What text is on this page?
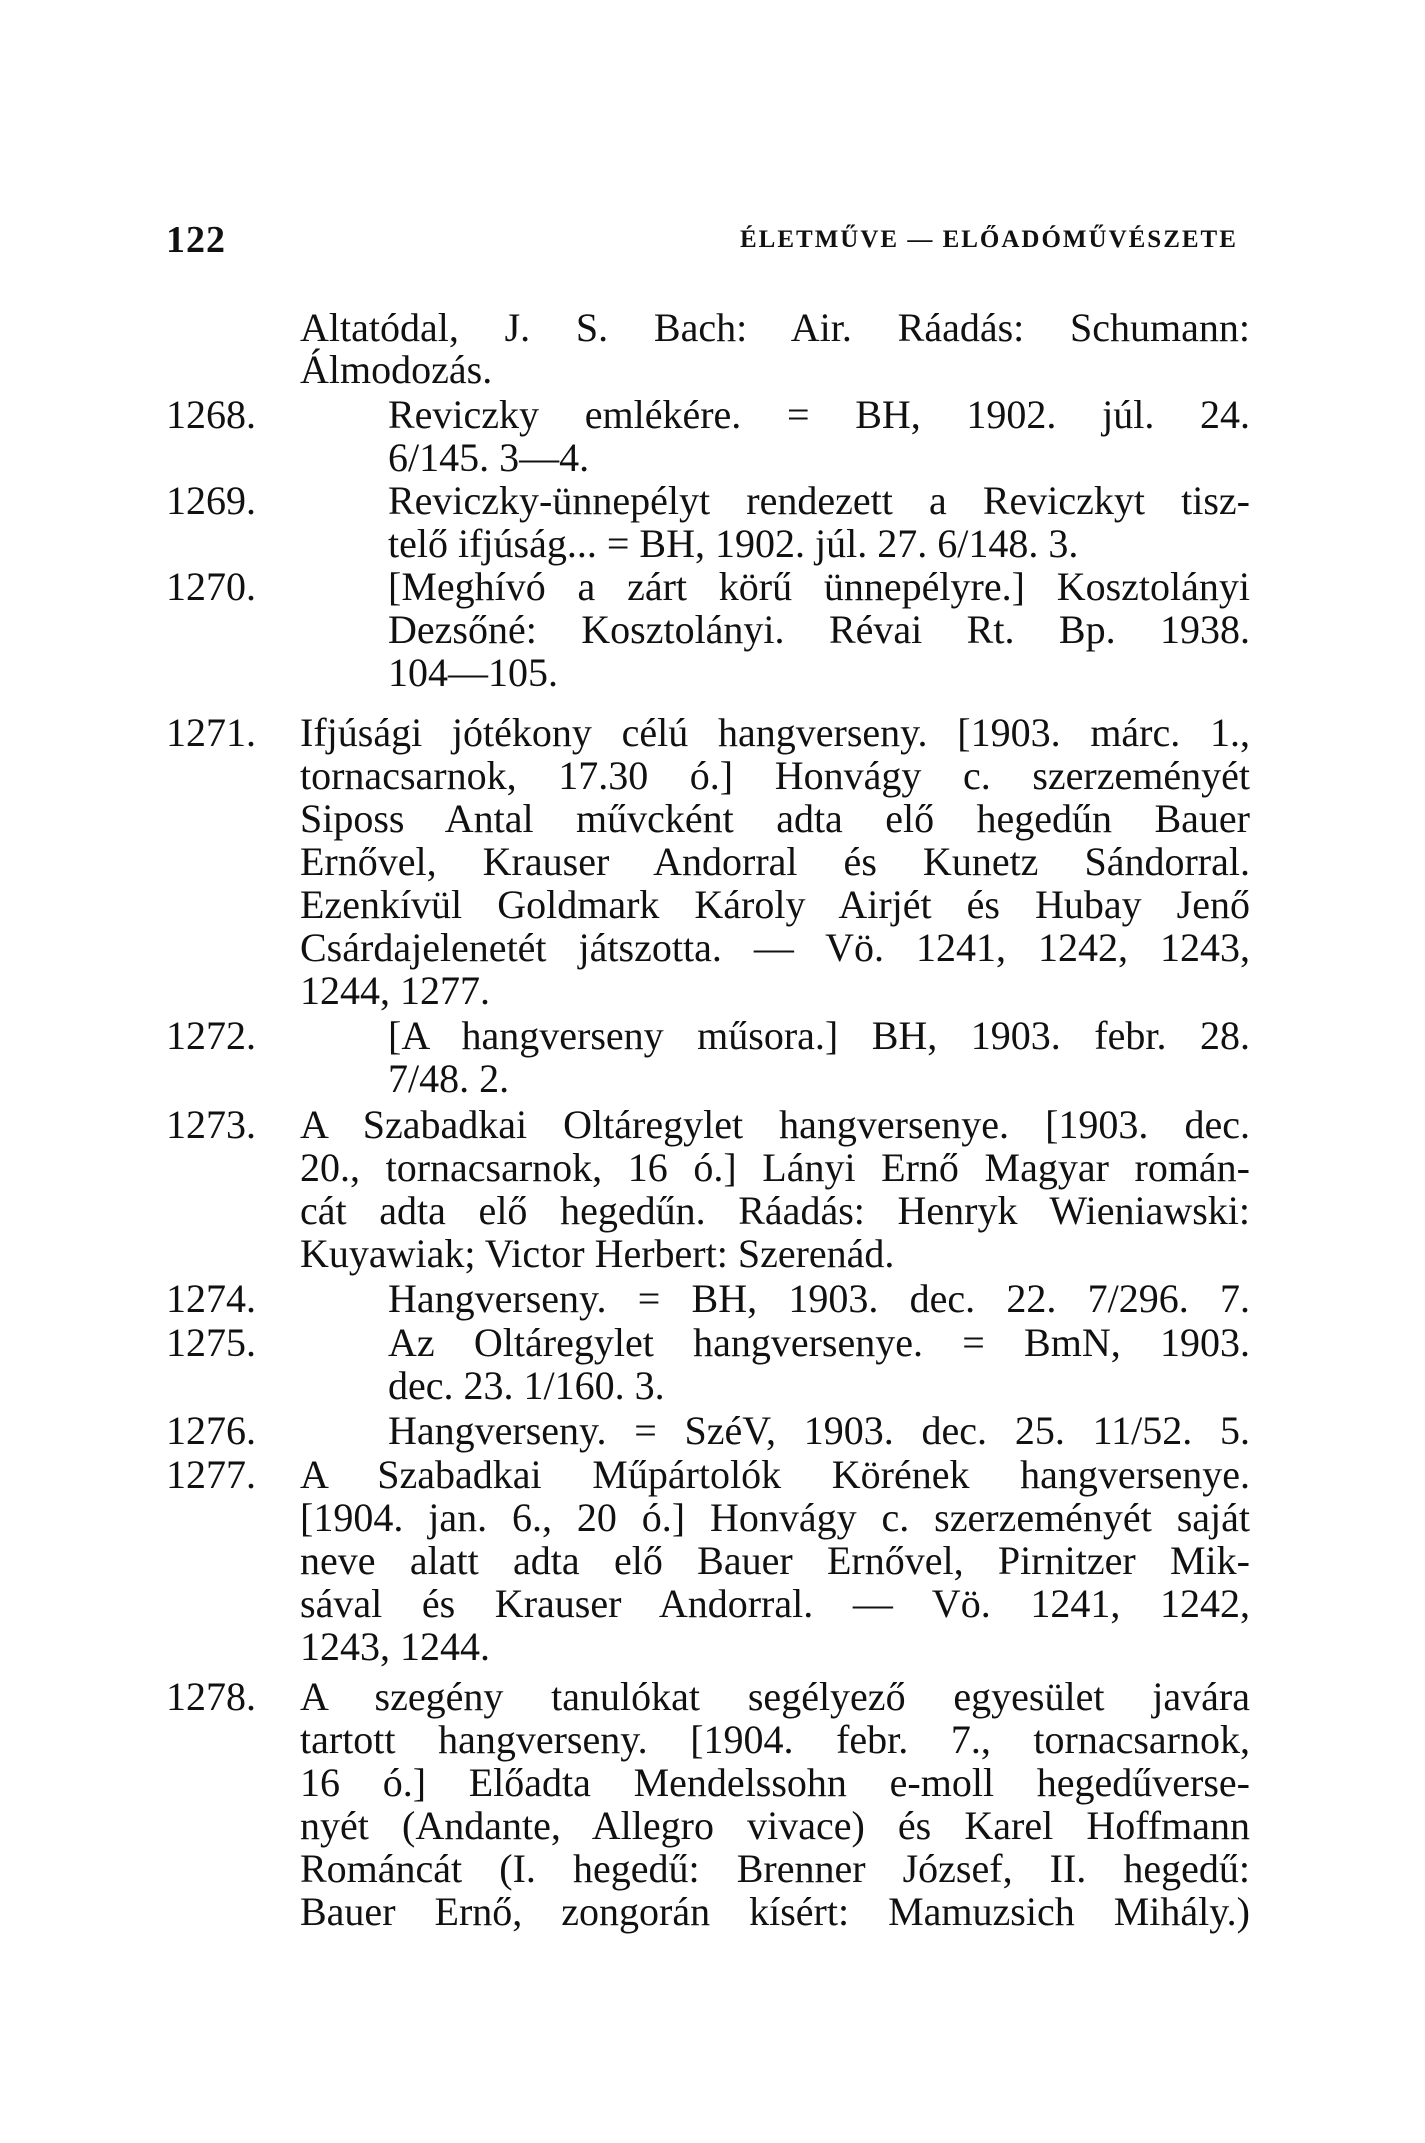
122	ÉLETMŰVE — ELŐADÓMŰVÉSZETE
Altatódal, J. S. Bach: Air. Ráadás: Schumann:
Álmodozás.
1268.	Reviczky emlékére. = BH, 1902. júl. 24.
6/145. 3—4.
1269.	Reviczky-ünnepélyt rendezett a Reviczkyt tisz-
telő ifjúság... = BH, 1902. júl. 27. 6/148. 3.
1270.	[Meghívó a zárt körű ünnepélyre.] Kosztolányi
Dezsőné: Kosztolányi. Révai Rt. Bp. 1938.
104—105.
1271. Ifjúsági jótékony célú hangverseny. [1903. márc. 1.,
tornacsarnok, 17.30 ó.] Honvágy c. szerzeményét
Siposs Antal művcként adta elő hegedűn Bauer
Ernővel, Krauser Andorral és Kunetz Sándorral.
Ezenkívül Goldmark Károly Airjét és Hubay Jenő
Csárdajelenetét játszotta. — Vö. 1241, 1242, 1243,
1244, 1277.
1272.	[A hangverseny műsora.] BH, 1903. febr. 28.
7/48. 2.
1273. A Szabadkai Oltáregylet hangversenye. [1903. dec.
20., tornacsarnok, 16 ó.] Lányi Ernő Magyar román-
cát adta elő hegedűn. Ráadás: Henryk Wieniawski:
Kuyawiak; Victor Herbert: Szerenád.
1274.	Hangverseny. = BH, 1903. dec. 22. 7/296. 7.
1275.	Az Oltáregylet hangversenye. = BmN, 1903.
dec. 23. 1/160. 3.
1276.	Hangverseny. = SzéV, 1903. dec. 25. 11/52. 5.
1277. A Szabadkai Műpártolók Körének hangversenye.
[1904. jan. 6., 20 ó.] Honvágy c. szerzeményét saját
neve alatt adta elő Bauer Ernővel, Pirnitzer Mik-
sával és Krauser Andorral. — Vö. 1241, 1242,
1243, 1244.
1278. A szegény tanulókat segélyező egyesület javára
tartott hangverseny. [1904. febr. 7., tornacsarnok,
16 ó.] Előadta Mendelssohn e-moll hegedűverse-
nyét (Andante, Allegro vivace) és Karel Hoffmann
Románcát (I. hegedű: Brenner József, II. hegedű:
Bauer Ernő, zongorán kísért: Mamuzsich Mihály.)
